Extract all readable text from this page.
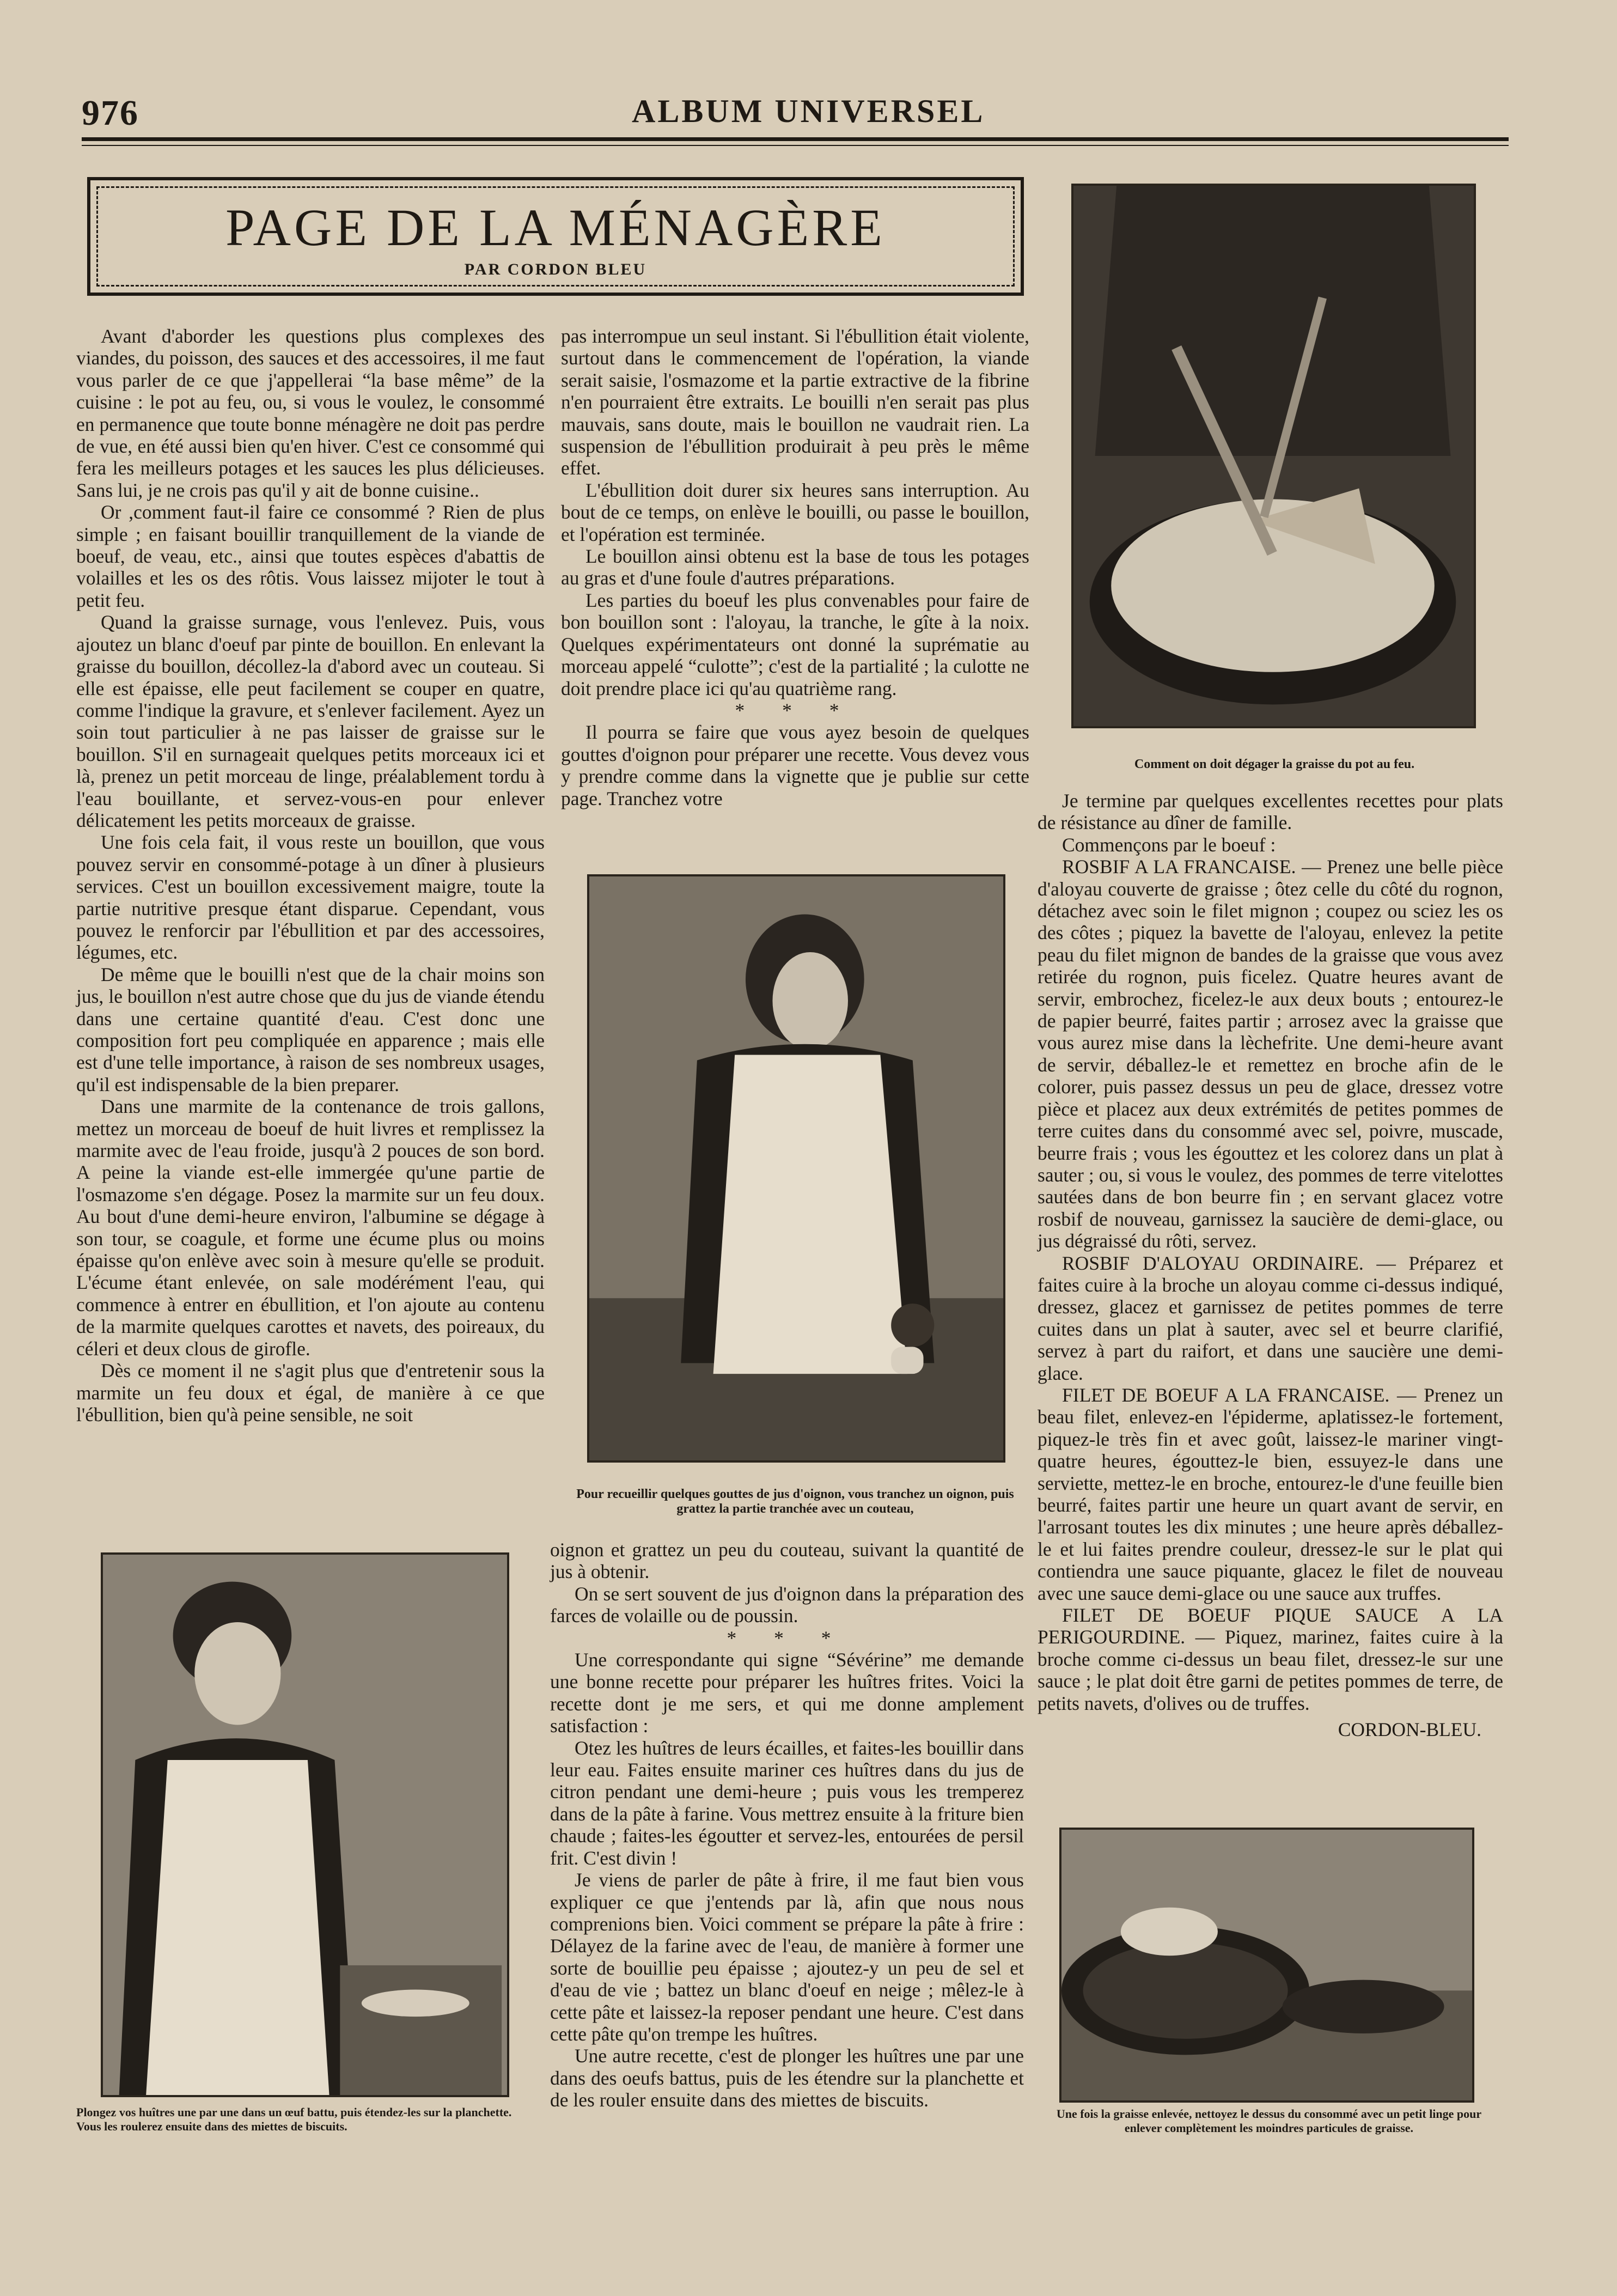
976	ALBUM UNIVERSEL
PAGE DE LA MÉNAGÈRE
PAR CORDON BLEU

Avant d'aborder les questions plus complexes des viandes, du poisson, des sauces et des accessoires, il me faut vous parler de ce que j'appellerai “la base même” de la cuisine : le pot au feu, ou, si vous le voulez, le consommé en permanence que toute bonne ménagère ne doit pas perdre de vue, en été aussi bien qu'en hiver. C'est ce consommé qui fera les meilleurs potages et les sauces les plus délicieuses. Sans lui, je ne crois pas qu'il y ait de bonne cuisine..

Or ,comment faut-il faire ce consommé ? Rien de plus simple ; en faisant bouillir tranquillement de la viande de boeuf, de veau, etc., ainsi que toutes espèces d'abattis de volailles et les os des rôtis. Vous laissez mijoter le tout à petit feu.

Quand la graisse surnage, vous l'enlevez. Puis, vous ajoutez un blanc d'oeuf par pinte de bouillon. En enlevant la graisse du bouillon, décollez-la d'abord avec un couteau. Si elle est épaisse, elle peut facilement se couper en quatre, comme l'indique la gravure, et s'enlever facilement. Ayez un soin tout particulier à ne pas laisser de graisse sur le bouillon. S'il en surnageait quelques petits morceaux ici et là, prenez un petit morceau de linge, préalablement tordu à l'eau bouillante, et servez-vous-en pour enlever délicatement les petits morceaux de graisse.

Une fois cela fait, il vous reste un bouillon, que vous pouvez servir en consommé-potage à un dîner à plusieurs services. C'est un bouillon excessivement maigre, toute la partie nutritive presque étant disparue. Cependant, vous pouvez le renforcir par l'ébullition et par des accessoires, légumes, etc.

De même que le bouilli n'est que de la chair moins son jus, le bouillon n'est autre chose que du jus de viande étendu dans une certaine quantité d'eau. C'est donc une composition fort peu compliquée en apparence ; mais elle est d'une telle importance, à raison de ses nombreux usages, qu'il est indispensable de la bien preparer.

Dans une marmite de la contenance de trois gallons, mettez un morceau de boeuf de huit livres et remplissez la marmite avec de l'eau froide, jusqu'à 2 pouces de son bord. A peine la viande est-elle immergée qu'une partie de l'osmazome s'en dégage. Posez la marmite sur un feu doux. Au bout d'une demi-heure environ, l'albumine se dégage à son tour, se coagule, et forme une écume plus ou moins épaisse qu'on enlève avec soin à mesure qu'elle se produit. L'écume étant enlevée, on sale modérément l'eau, qui commence à entrer en ébullition, et l'on ajoute au contenu de la marmite quelques carottes et navets, des poireaux, du céleri et deux clous de girofle.

Dès ce moment il ne s'agit plus que d'entretenir sous la marmite un feu doux et égal, de manière à ce que l'ébullition, bien qu'à peine sensible, ne soit

pas interrompue un seul instant. Si l'ébullition était violente, surtout dans le commencement de l'opération, la viande serait saisie, l'osmazome et la partie extractive de la fibrine n'en pourraient être extraits. Le bouilli n'en serait pas plus mauvais, sans doute, mais le bouillon ne vaudrait rien. La suspension de l'ébullition produirait à peu près le même effet.

L'ébullition doit durer six heures sans interruption. Au bout de ce temps, on enlève le bouilli, ou passe le bouillon, et l'opération est terminée.

Le bouillon ainsi obtenu est la base de tous les potages au gras et d'une foule d'autres préparations.

Les parties du boeuf les plus convenables pour faire de bon bouillon sont : l'aloyau, la tranche, le gîte à la noix. Quelques expérimentateurs ont donné la suprématie au morceau appelé “culotte”; c'est de la partialité ; la culotte ne doit prendre place ici qu'au quatrième rang.

* * *

Il pourra se faire que vous ayez besoin de quelques gouttes d'oignon pour préparer une recette. Vous devez vous y prendre comme dans la vignette que je publie sur cette page. Tranchez votre

Pour recueillir quelques gouttes de jus d'oignon, vous tranchez un oignon, puis grattez la partie tranchée avec un couteau,

oignon et grattez un peu du couteau, suivant la quantité de jus à obtenir.

On se sert souvent de jus d'oignon dans la préparation des farces de volaille ou de poussin.

* * *

Une correspondante qui signe “Sévérine” me demande une bonne recette pour préparer les huîtres frites. Voici la recette dont je me sers, et qui me donne amplement satisfaction :

Otez les huîtres de leurs écailles, et faites-les bouillir dans leur eau. Faites ensuite mariner ces huîtres dans du jus de citron pendant une demi-heure ; puis vous les tremperez dans de la pâte à farine. Vous mettrez ensuite à la friture bien chaude ; faites-les égoutter et servez-les, entourées de persil frit. C'est divin !

Je viens de parler de pâte à frire, il me faut bien vous expliquer ce que j'entends par là, afin que nous nous comprenions bien. Voici comment se prépare la pâte à frire : Délayez de la farine avec de l'eau, de manière à former une sorte de bouillie peu épaisse ; ajoutez-y un peu de sel et d'eau de vie ; battez un blanc d'oeuf en neige ; mêlez-le à cette pâte et laissez-la reposer pendant une heure. C'est dans cette pâte qu'on trempe les huîtres.

Une autre recette, c'est de plonger les huîtres une par une dans des oeufs battus, puis de les étendre sur la planchette et de les rouler ensuite dans des miettes de biscuits.

Plongez vos huîtres une par une dans un œuf battu, puis étendez-les sur la planchette. Vous les roulerez ensuite dans des miettes de biscuits.
Comment on doit dégager la graisse du pot au feu.

Je termine par quelques excellentes recettes pour plats de résistance au dîner de famille.

Commençons par le boeuf :

ROSBIF A LA FRANCAISE. — Prenez une belle pièce d'aloyau couverte de graisse ; ôtez celle du côté du rognon, détachez avec soin le filet mignon ; coupez ou sciez les os des côtes ; piquez la bavette de l'aloyau, enlevez la petite peau du filet mignon de bandes de la graisse que vous avez retirée du rognon, puis ficelez. Quatre heures avant de servir, embrochez, ficelez-le aux deux bouts ; entourez-le de papier beurré, faites partir ; arrosez avec la graisse que vous aurez mise dans la lèchefrite. Une demi-heure avant de servir, déballez-le et remettez en broche afin de le colorer, puis passez dessus un peu de glace, dressez votre pièce et placez aux deux extrémités de petites pommes de terre cuites dans du consommé avec sel, poivre, muscade, beurre frais ; vous les égouttez et les colorez dans un plat à sauter ; ou, si vous le voulez, des pommes de terre vitelottes sautées dans de bon beurre fin ; en servant glacez votre rosbif de nouveau, garnissez la saucière de demi-glace, ou jus dégraissé du rôti, servez.

ROSBIF D'ALOYAU ORDINAIRE. — Préparez et faites cuire à la broche un aloyau comme ci-dessus indiqué, dressez, glacez et garnissez de petites pommes de terre cuites dans un plat à sauter, avec sel et beurre clarifié, servez à part du raifort, et dans une saucière une demi-glace.

FILET DE BOEUF A LA FRANCAISE. — Prenez un beau filet, enlevez-en l'épiderme, aplatissez-le fortement, piquez-le très fin et avec goût, laissez-le mariner vingt-quatre heures, égouttez-le bien, essuyez-le dans une serviette, mettez-le en broche, entourez-le d'une feuille bien beurré, faites partir une heure un quart avant de servir, en l'arrosant toutes les dix minutes ; une heure après déballez-le et lui faites prendre couleur, dressez-le sur le plat qui contiendra une sauce piquante, glacez le filet de nouveau avec une sauce demi-glace ou une sauce aux truffes.

FILET DE BOEUF PIQUE SAUCE A LA PERIGOURDINE. — Piquez, marinez, faites cuire à la broche comme ci-dessus un beau filet, dressez-le sur une sauce ; le plat doit être garni de petites pommes de terre, de petits navets, d'olives ou de truffes.

CORDON-BLEU.

Une fois la graisse enlevée, nettoyez le dessus du consommé avec un petit linge pour enlever complètement les moindres particules de graisse.
